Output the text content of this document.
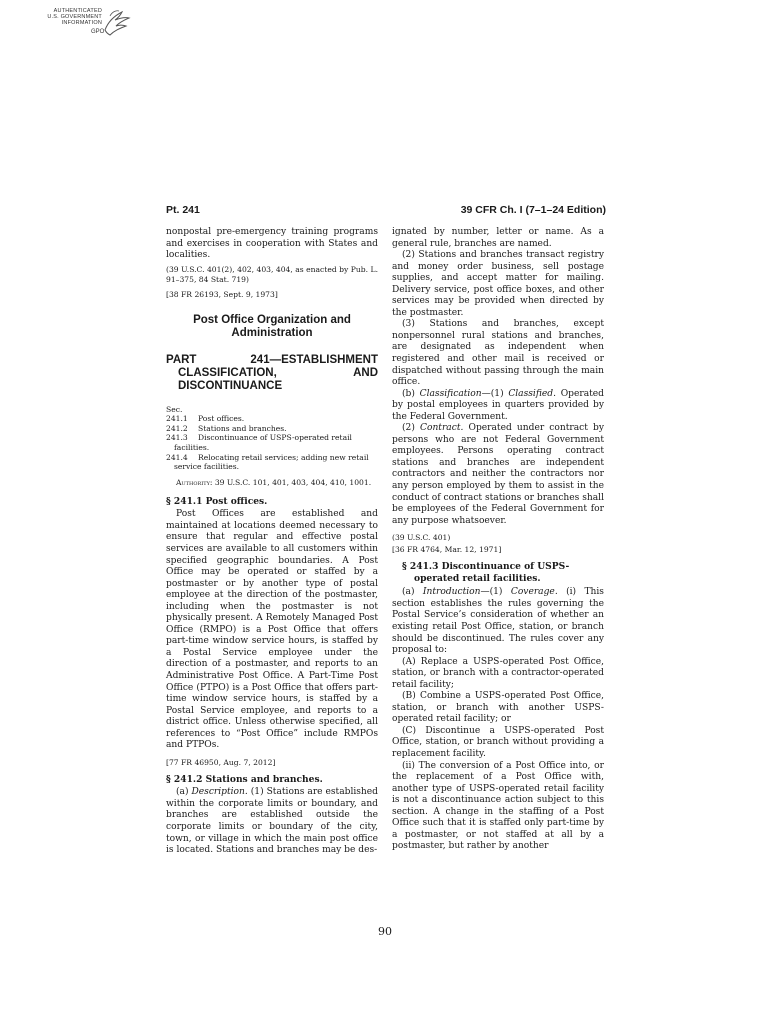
AUTHENTICATED
U.S. GOVERNMENT
INFORMATION
GPO
Pt. 241	39 CFR Ch. I (7–1–24 Edition)

nonpostal pre-emergency training programs and exercises in cooperation with States and localities.

(39 U.S.C. 401(2), 402, 403, 404, as enacted by Pub. L. 91–375, 84 Stat. 719)

[38 FR 26193, Sept. 9, 1973]

Post Office Organization and Administration

PART 241—ESTABLISHMENT CLASSIFICATION, AND DISCONTINUANCE

Sec.
241.1 Post offices.
241.2 Stations and branches.
241.3 Discontinuance of USPS-operated retail facilities.
241.4 Relocating retail services; adding new retail service facilities.

Authority: 39 U.S.C. 101, 401, 403, 404, 410, 1001.

§ 241.1 Post offices.

Post Offices are established and maintained at locations deemed necessary to ensure that regular and effective postal services are available to all customers within specified geographic boundaries. A Post Office may be operated or staffed by a postmaster or by another type of postal employee at the direction of the postmaster, including when the postmaster is not physically present. A Remotely Managed Post Office (RMPO) is a Post Office that offers part-time window service hours, is staffed by a Postal Service employee under the direction of a postmaster, and reports to an Administrative Post Office. A Part-Time Post Office (PTPO) is a Post Office that offers part-time window service hours, is staffed by a Postal Service employee, and reports to a district office. Unless otherwise specified, all references to “Post Office” include RMPOs and PTPOs.

[77 FR 46950, Aug. 7, 2012]

§ 241.2 Stations and branches.

(a) Description. (1) Stations are established within the corporate limits or boundary, and branches are established outside the corporate limits or boundary of the city, town, or village in which the main post office is located. Stations and branches may be des-

ignated by number, letter or name. As a general rule, branches are named.

(2) Stations and branches transact registry and money order business, sell postage supplies, and accept matter for mailing. Delivery service, post office boxes, and other services may be provided when directed by the postmaster.

(3) Stations and branches, except nonpersonnel rural stations and branches, are designated as independent when registered and other mail is received or dispatched without passing through the main office.

(b) Classification—(1) Classified. Operated by postal employees in quarters provided by the Federal Government.

(2) Contract. Operated under contract by persons who are not Federal Government employees. Persons operating contract stations and branches are independent contractors and neither the contractors nor any person employed by them to assist in the conduct of contract stations or branches shall be employees of the Federal Government for any purpose whatsoever.

(39 U.S.C. 401)

[36 FR 4764, Mar. 12, 1971]

§ 241.3 Discontinuance of USPS-operated retail facilities.

(a) Introduction—(1) Coverage. (i) This section establishes the rules governing the Postal Service’s consideration of whether an existing retail Post Office, station, or branch should be discontinued. The rules cover any proposal to:

(A) Replace a USPS-operated Post Office, station, or branch with a contractor-operated retail facility;

(B) Combine a USPS-operated Post Office, station, or branch with another USPS-operated retail facility; or

(C) Discontinue a USPS-operated Post Office, station, or branch without providing a replacement facility.

(ii) The conversion of a Post Office into, or the replacement of a Post Office with, another type of USPS-operated retail facility is not a discontinuance action subject to this section. A change in the staffing of a Post Office such that it is staffed only part-time by a postmaster, or not staffed at all by a postmaster, but rather by another

90
